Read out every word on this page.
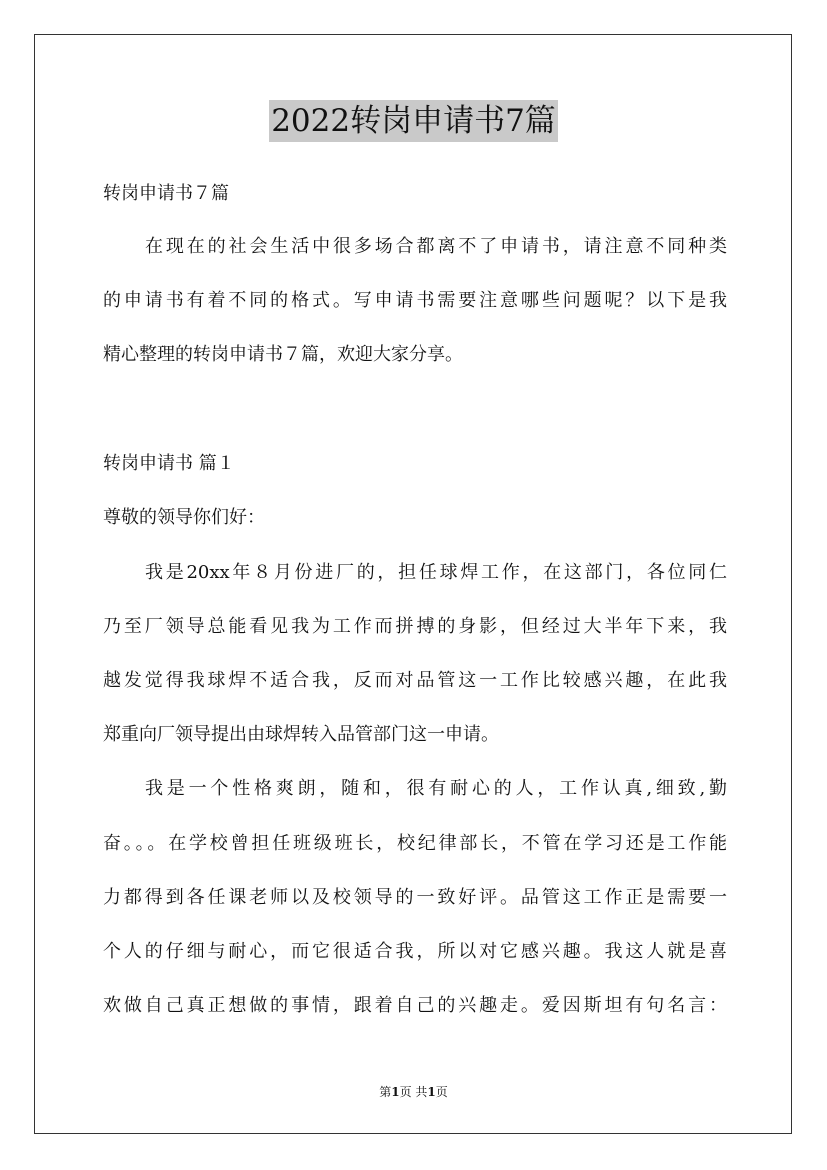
2022转岗申请书7篇

转岗申请书７篇

在现在的社会生活中很多场合都离不了申请书，请注意不同种类

的申请书有着不同的格式。写申请书需要注意哪些问题呢？以下是我

精心整理的转岗申请书７篇，欢迎大家分享。

转岗申请书 篇１

尊敬的领导你们好：

我是20xx年８月份进厂的，担任球焊工作，在这部门，各位同仁

乃至厂领导总能看见我为工作而拼搏的身影，但经过大半年下来，我

越发觉得我球焊不适合我，反而对品管这一工作比较感兴趣，在此我

郑重向厂领导提出由球焊转入品管部门这一申请。

我是一个性格爽朗，随和，很有耐心的人，工作认真,细致,勤

奋。。。在学校曾担任班级班长，校纪律部长，不管在学习还是工作能

力都得到各任课老师以及校领导的一致好评。品管这工作正是需要一

个人的仔细与耐心，而它很适合我，所以对它感兴趣。我这人就是喜

欢做自己真正想做的事情，跟着自己的兴趣走。爱因斯坦有句名言：

第1页 共1页
